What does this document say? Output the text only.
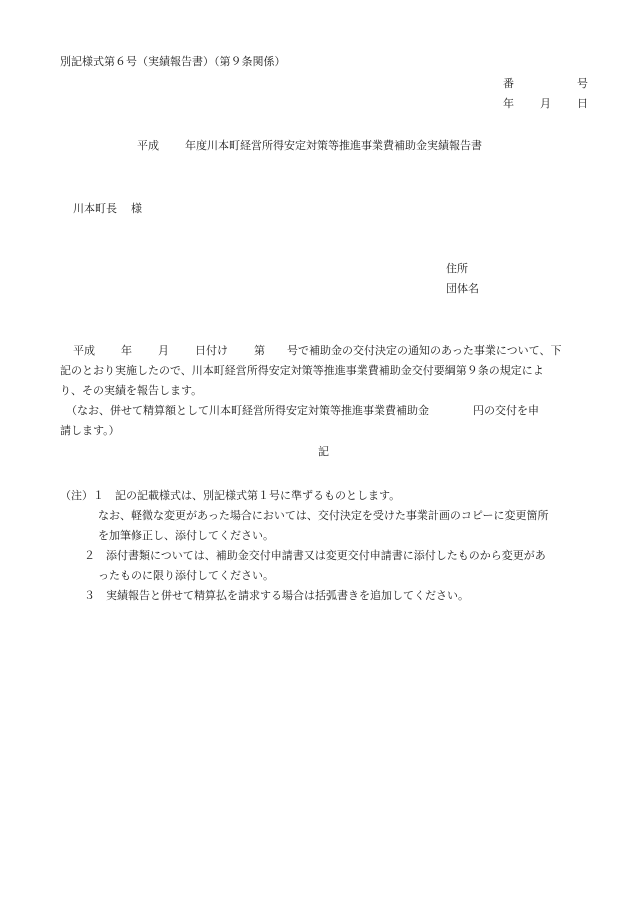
別記様式第６号（実績報告書）（第９条関係）
番	号
年 月 日
平成 年度川本町経営所得安定対策等推進事業費補助金実績報告書
川本町長 様
住所
団体名
平成 年 月 日付け 第 号で補助金の交付決定の通知のあった事業について、下
記のとおり実施したので、川本町経営所得安定対策等推進事業費補助金交付要綱第９条の規定によ
り、その実績を報告します。
（なお、併せて精算額として川本町経営所得安定対策等推進事業費補助金	円の交付を申
請します。）
記
（注）１　記の記載様式は、別記様式第１号に準ずるものとします。
なお、軽微な変更があった場合においては、交付決定を受けた事業計画のコピーに変更箇所
を加筆修正し、添付してください。
２　添付書類については、補助金交付申請書又は変更交付申請書に添付したものから変更があ
ったものに限り添付してください。
３　実績報告と併せて精算払を請求する場合は括弧書きを追加してください。
